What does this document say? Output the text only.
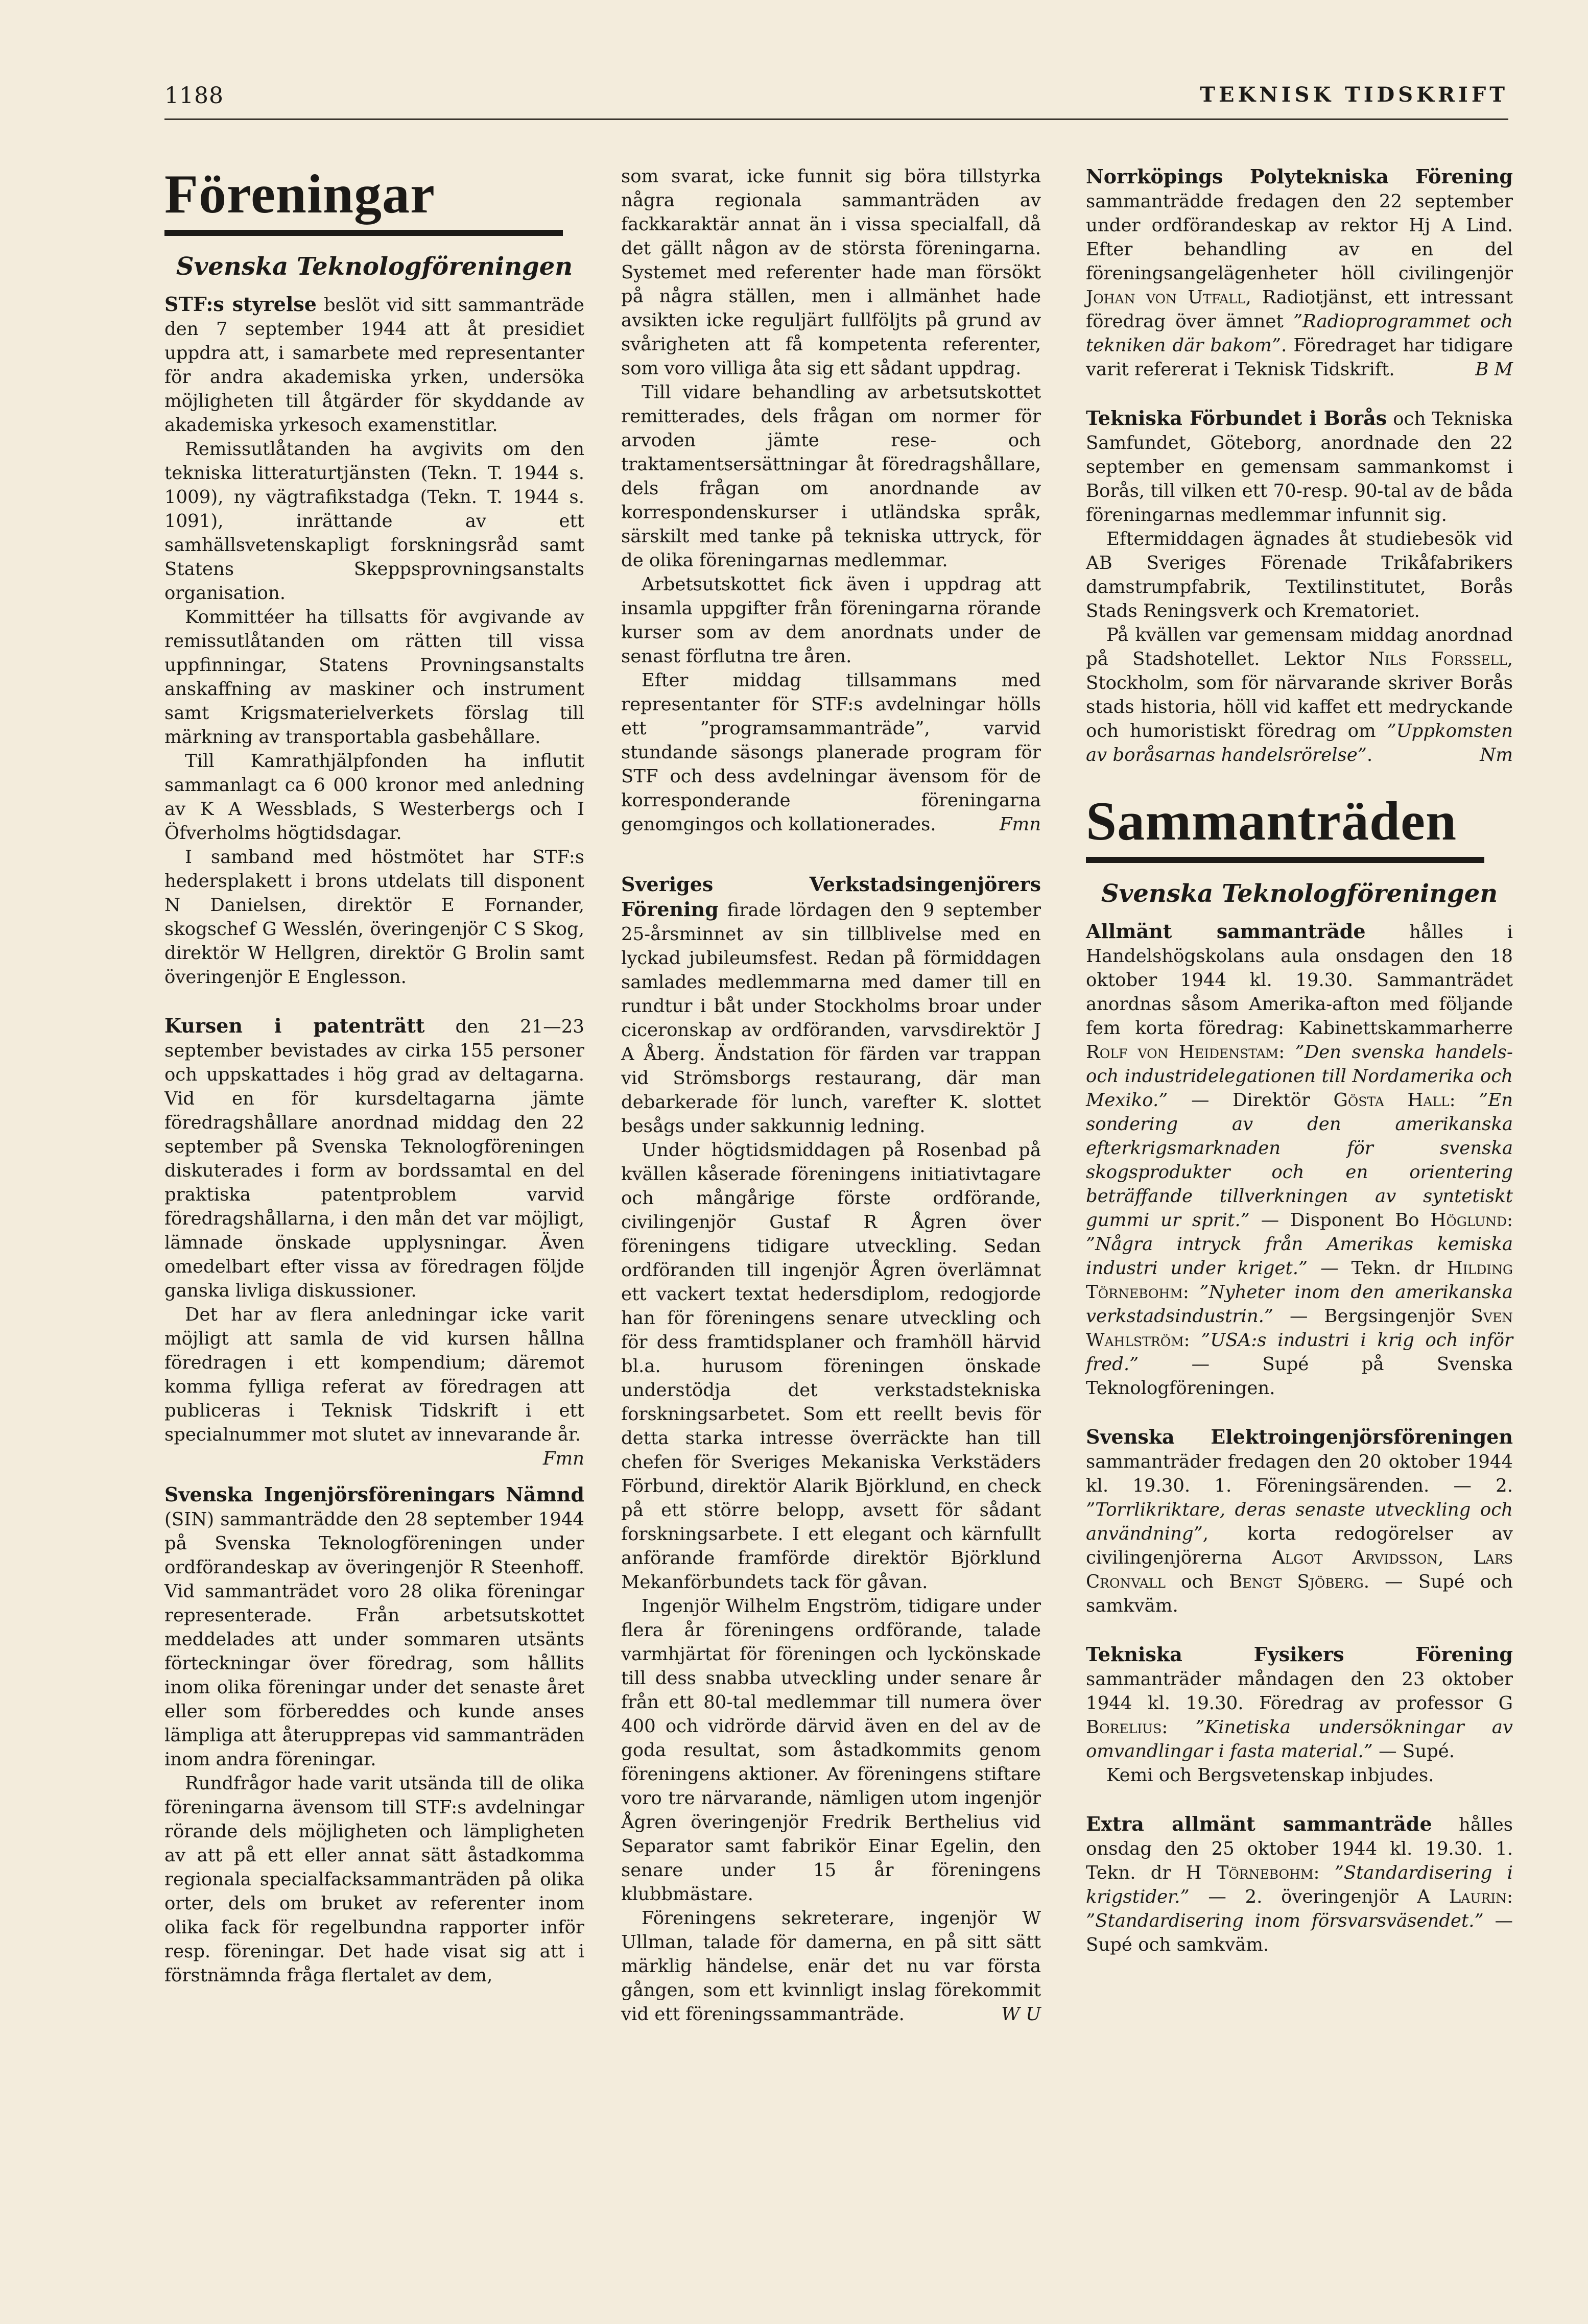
1188	TEKNISK TIDSKRIFT
Föreningar
Svenska Teknologföreningen

STF:s styrelse beslöt vid sitt sammanträde den 7 september 1944 att åt presidiet uppdra att, i samarbete med representanter för andra akademiska yrken, undersöka möjligheten till åtgärder för skyddande av akademiska yrkesoch examenstitlar.

Remissutlåtanden ha avgivits om den tekniska litteraturtjänsten (Tekn. T. 1944 s. 1009), ny vägtrafikstadga (Tekn. T. 1944 s. 1091), inrättande av ett samhällsvetenskapligt forskningsråd samt Statens Skeppsprovningsanstalts organisation.

Kommittéer ha tillsatts för avgivande av remissutlåtanden om rätten till vissa uppfinningar, Statens Provningsanstalts anskaffning av maskiner och instrument samt Krigsmaterielverkets förslag till märkning av transportabla gasbehållare.

Till Kamrathjälpfonden ha influtit sammanlagt ca 6 000 kronor med anledning av K A Wessblads, S Westerbergs och I Öfverholms högtidsdagar.

I samband med höstmötet har STF:s hedersplakett i brons utdelats till disponent N Danielsen, direktör E Fornander, skogschef G Wesslén, överingenjör C S Skog, direktör W Hellgren, direktör G Brolin samt överingenjör E Englesson.

Kursen i patenträtt den 21—23 september bevistades av cirka 155 personer och uppskattades i hög grad av deltagarna. Vid en för kursdeltagarna jämte föredragshållare anordnad middag den 22 september på Svenska Teknologföreningen diskuterades i form av bordssamtal en del praktiska patentproblem varvid föredragshållarna, i den mån det var möjligt, lämnade önskade upplysningar. Även omedelbart efter vissa av föredragen följde ganska livliga diskussioner.

Det har av flera anledningar icke varit möjligt att samla de vid kursen hållna föredragen i ett kompendium; däremot komma fylliga referat av föredragen att publiceras i Teknisk Tidskrift i ett specialnummer mot slutet av innevarande år.
Fmn

Svenska Ingenjörsföreningars Nämnd (SIN) sammanträdde den 28 september 1944 på Svenska Teknologföreningen under ordförandeskap av överingenjör R Steenhoff. Vid sammanträdet voro 28 olika föreningar representerade. Från arbetsutskottet meddelades att under sommaren utsänts förteckningar över föredrag, som hållits inom olika föreningar under det senaste året eller som förbereddes och kunde anses lämpliga att återupprepas vid sammanträden inom andra föreningar.

Rundfrågor hade varit utsända till de olika föreningarna ävensom till STF:s avdelningar rörande dels möjligheten och lämpligheten av att på ett eller annat sätt åstadkomma regionala specialfacksammanträden på olika orter, dels om bruket av referenter inom olika fack för regelbundna rapporter inför resp. föreningar. Det hade visat sig att i förstnämnda fråga flertalet av dem,

som svarat, icke funnit sig böra tillstyrka några regionala sammanträden av fackkaraktär annat än i vissa specialfall, då det gällt någon av de största föreningarna. Systemet med referenter hade man försökt på några ställen, men i allmänhet hade avsikten icke reguljärt fullföljts på grund av svårigheten att få kompetenta referenter, som voro villiga åta sig ett sådant uppdrag.

Till vidare behandling av arbetsutskottet remitterades, dels frågan om normer för arvoden jämte rese- och traktamentsersättningar åt föredragshållare, dels frågan om anordnande av korrespondenskurser i utländska språk, särskilt med tanke på tekniska uttryck, för de olika föreningarnas medlemmar.

Arbetsutskottet fick även i uppdrag att insamla uppgifter från föreningarna rörande kurser som av dem anordnats under de senast förflutna tre åren.

Efter middag tillsammans med representanter för STF:s avdelningar hölls ett ”programsammanträde”, varvid stundande säsongs planerade program för STF och dess avdelningar ävensom för de korresponderande föreningarna genomgingos och kollationerades.	Fmn

Sveriges Verkstadsingenjörers Förening firade lördagen den 9 september 25-årsminnet av sin tillblivelse med en lyckad jubileumsfest. Redan på förmiddagen samlades medlemmarna med damer till en rundtur i båt under Stockholms broar under ciceronskap av ordföranden, varvsdirektör J A Åberg. Ändstation för färden var trappan vid Strömsborgs restaurang, där man debarkerade för lunch, varefter K. slottet besågs under sakkunnig ledning.

Under högtidsmiddagen på Rosenbad på kvällen kåserade föreningens initiativtagare och mångårige förste ordförande, civilingenjör Gustaf R Ågren över föreningens tidigare utveckling. Sedan ordföranden till ingenjör Ågren överlämnat ett vackert textat hedersdiplom, redogjorde han för föreningens senare utveckling och för dess framtidsplaner och framhöll härvid bl.a. hurusom föreningen önskade understödja det verkstadstekniska forskningsarbetet. Som ett reellt bevis för detta starka intresse överräckte han till chefen för Sveriges Mekaniska Verkstäders Förbund, direktör Alarik Björklund, en check på ett större belopp, avsett för sådant forskningsarbete. I ett elegant och kärnfullt anförande framförde direktör Björklund Mekanförbundets tack för gåvan.

Ingenjör Wilhelm Engström, tidigare under flera år föreningens ordförande, talade varmhjärtat för föreningen och lyckönskade till dess snabba utveckling under senare år från ett 80-tal medlemmar till numera över 400 och vidrörde därvid även en del av de goda resultat, som åstadkommits genom föreningens aktioner. Av föreningens stiftare voro tre närvarande, nämligen utom ingenjör Ågren överingenjör Fredrik Berthelius vid Separator samt fabrikör Einar Egelin, den senare under 15 år föreningens klubbmästare.

Föreningens sekreterare, ingenjör W Ullman, talade för damerna, en på sitt sätt märklig händelse, enär det nu var första gången, som ett kvinnligt inslag förekommit vid ett föreningssammanträde.	W U

Norrköpings Polytekniska Förening sammanträdde fredagen den 22 september under ordförandeskap av rektor Hj A Lind. Efter behandling av en del föreningsangelägenheter höll civilingenjör Johan von Utfall, Radiotjänst, ett intressant föredrag över ämnet ”Radioprogrammet och tekniken där bakom”. Föredraget har tidigare varit refererat i Teknisk Tidskrift.	B M

Tekniska Förbundet i Borås och Tekniska Samfundet, Göteborg, anordnade den 22 september en gemensam sammankomst i Borås, till vilken ett 70-resp. 90-tal av de båda föreningarnas medlemmar infunnit sig.

Eftermiddagen ägnades åt studiebesök vid AB Sveriges Förenade Trikåfabrikers damstrumpfabrik, Textilinstitutet, Borås Stads Reningsverk och Krematoriet.

På kvällen var gemensam middag anordnad på Stadshotellet. Lektor Nils Forssell, Stockholm, som för närvarande skriver Borås stads historia, höll vid kaffet ett medryckande och humoristiskt föredrag om ”Uppkomsten av boråsarnas handelsrörelse”.	Nm

Sammanträden
Svenska Teknologföreningen

Allmänt sammanträde hålles i Handelshögskolans aula onsdagen den 18 oktober 1944 kl. 19.30. Sammanträdet anordnas såsom Amerika-afton med följande fem korta föredrag: Kabinettskammarherre Rolf von Heidenstam: ”Den svenska handels- och industridelegationen till Nordamerika och Mexiko.” — Direktör Gösta Hall: ”En sondering av den amerikanska efterkrigsmarknaden för svenska skogsprodukter och en orientering beträffande tillverkningen av syntetiskt gummi ur sprit.” — Disponent Bo Höglund: ”Några intryck från Amerikas kemiska industri under kriget.” — Tekn. dr Hilding Törnebohm: ”Nyheter inom den amerikanska verkstadsindustrin.” — Bergsingenjör Sven Wahlström: ”USA:s industri i krig och inför fred.”	— Supé på Svenska Teknologföreningen.

Svenska Elektroingenjörsföreningen sammanträder fredagen den 20 oktober 1944 kl. 19.30. 1. Föreningsärenden. — 2. ”Torrlikriktare, deras senaste utveckling och användning”, korta redogörelser av civilingenjörerna Algot Arvidsson, Lars Cronvall och Bengt Sjöberg. — Supé och samkväm.

Tekniska Fysikers Förening sammanträder måndagen den 23 oktober 1944 kl. 19.30. Föredrag av professor G Borelius: ”Kinetiska undersökningar av omvandlingar i fasta material.” — Supé.

Kemi och Bergsvetenskap inbjudes.

Extra allmänt sammanträde hålles onsdag den 25 oktober 1944 kl. 19.30. 1. Tekn. dr H Törnebohm: ”Standardisering i krigstider.” — 2. överingenjör A Laurin: ”Standardisering inom försvarsväsendet.” — Supé och samkväm.
